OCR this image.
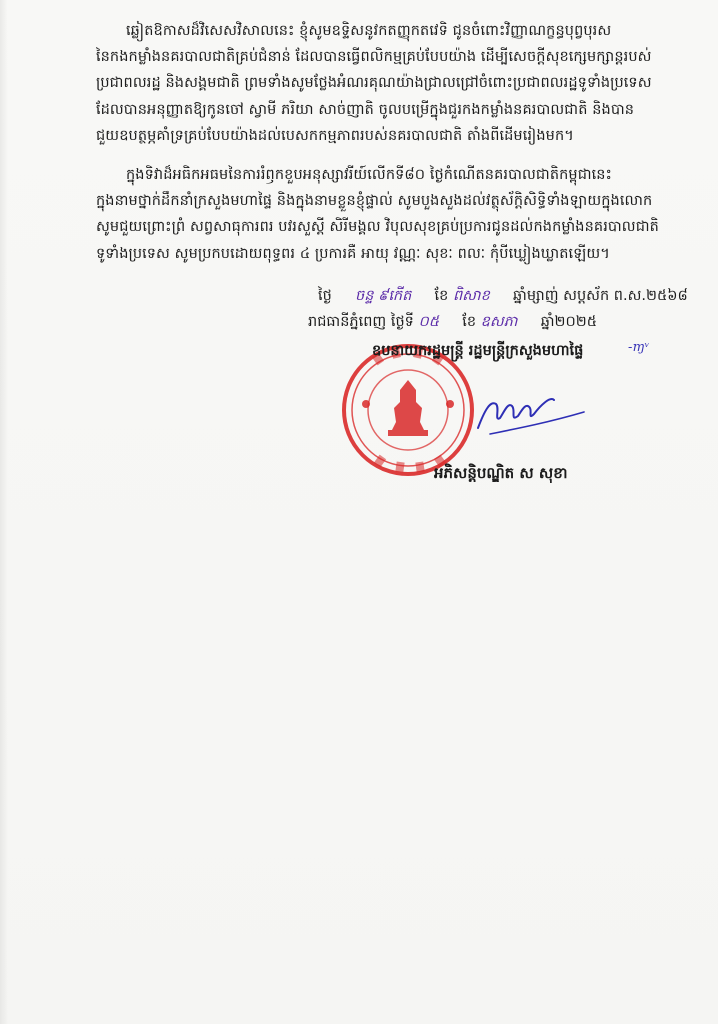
ឆ្លៀតឱកាសដ៏វិសេសវិសាលនេះ ខ្ញុំសូមឧទ្ទិសនូវកតញ្ញុកតវេទិ ជូនចំពោះវិញ្ញាណក្ខន្ធបុព្វបុរស
នៃកងកម្លាំងនគរបាលជាតិគ្រប់ជំនាន់ ដែលបានធ្វើពលិកម្មគ្រប់បែបយ៉ាង ដើម្បីសេចក្ដីសុខក្សេមក្សាន្តរបស់
ប្រជាពលរដ្ឋ និងសង្គមជាតិ ព្រមទាំងសូមថ្លែងអំណរគុណយ៉ាងជ្រាលជ្រៅចំពោះប្រជាពលរដ្ឋទូទាំងប្រទេស
ដែលបានអនុញ្ញាតឱ្យកូនចៅ ស្វាមី ភរិយា សាច់ញាតិ ចូលបម្រើក្នុងជួរកងកម្លាំងនគរបាលជាតិ និងបាន
ជួយឧបត្ថម្ភគាំទ្រគ្រប់បែបយ៉ាងដល់បេសកកម្មភាពរបស់នគរបាលជាតិ តាំងពីដើមរៀងមក។
ក្នុងទិវាដ៏អធិកអធមនៃការរំឭកខួបអនុស្សាវរីយ៍លើកទី៨០ ថ្ងៃកំណើតនគរបាលជាតិកម្ពុជានេះ
ក្នុងនាមថ្នាក់ដឹកនាំក្រសួងមហាផ្ទៃ និងក្នុងនាមខ្លួនខ្ញុំផ្ទាល់ សូមបួងសួងដល់វត្ថុស័ក្ដិសិទ្ធិទាំងឡាយក្នុងលោក
សូមជួយព្រោះព្រំ សព្វសាធុការពរ បវរសួស្ដី សិរីមង្គល វិបុលសុខគ្រប់ប្រការជូនដល់កងកម្លាំងនគរបាលជាតិ
ទូទាំងប្រទេស សូមប្រកបដោយពុទ្ធពរ ៤ ប្រការគឺ អាយុ វណ្ណៈ សុខៈ ពលៈ កុំបីឃ្លៀងឃ្លាតឡើយ។
ថ្ងៃ ចន្ទ ៩កើត ខែ ពិសាខ ឆ្នាំម្សាញ់ សប្ដស័ក ព.ស.២៥៦៨
រាជធានីភ្នំពេញ ថ្ងៃទី ០៥ ខែ ឧសភា ឆ្នាំ២០២៥
ឧបនាយករដ្ឋមន្ត្រី រដ្ឋមន្ត្រីក្រសួងមហាផ្ទៃ	-ɱᵛ
អភិសន្តិបណ្ឌិត ស សុខា
